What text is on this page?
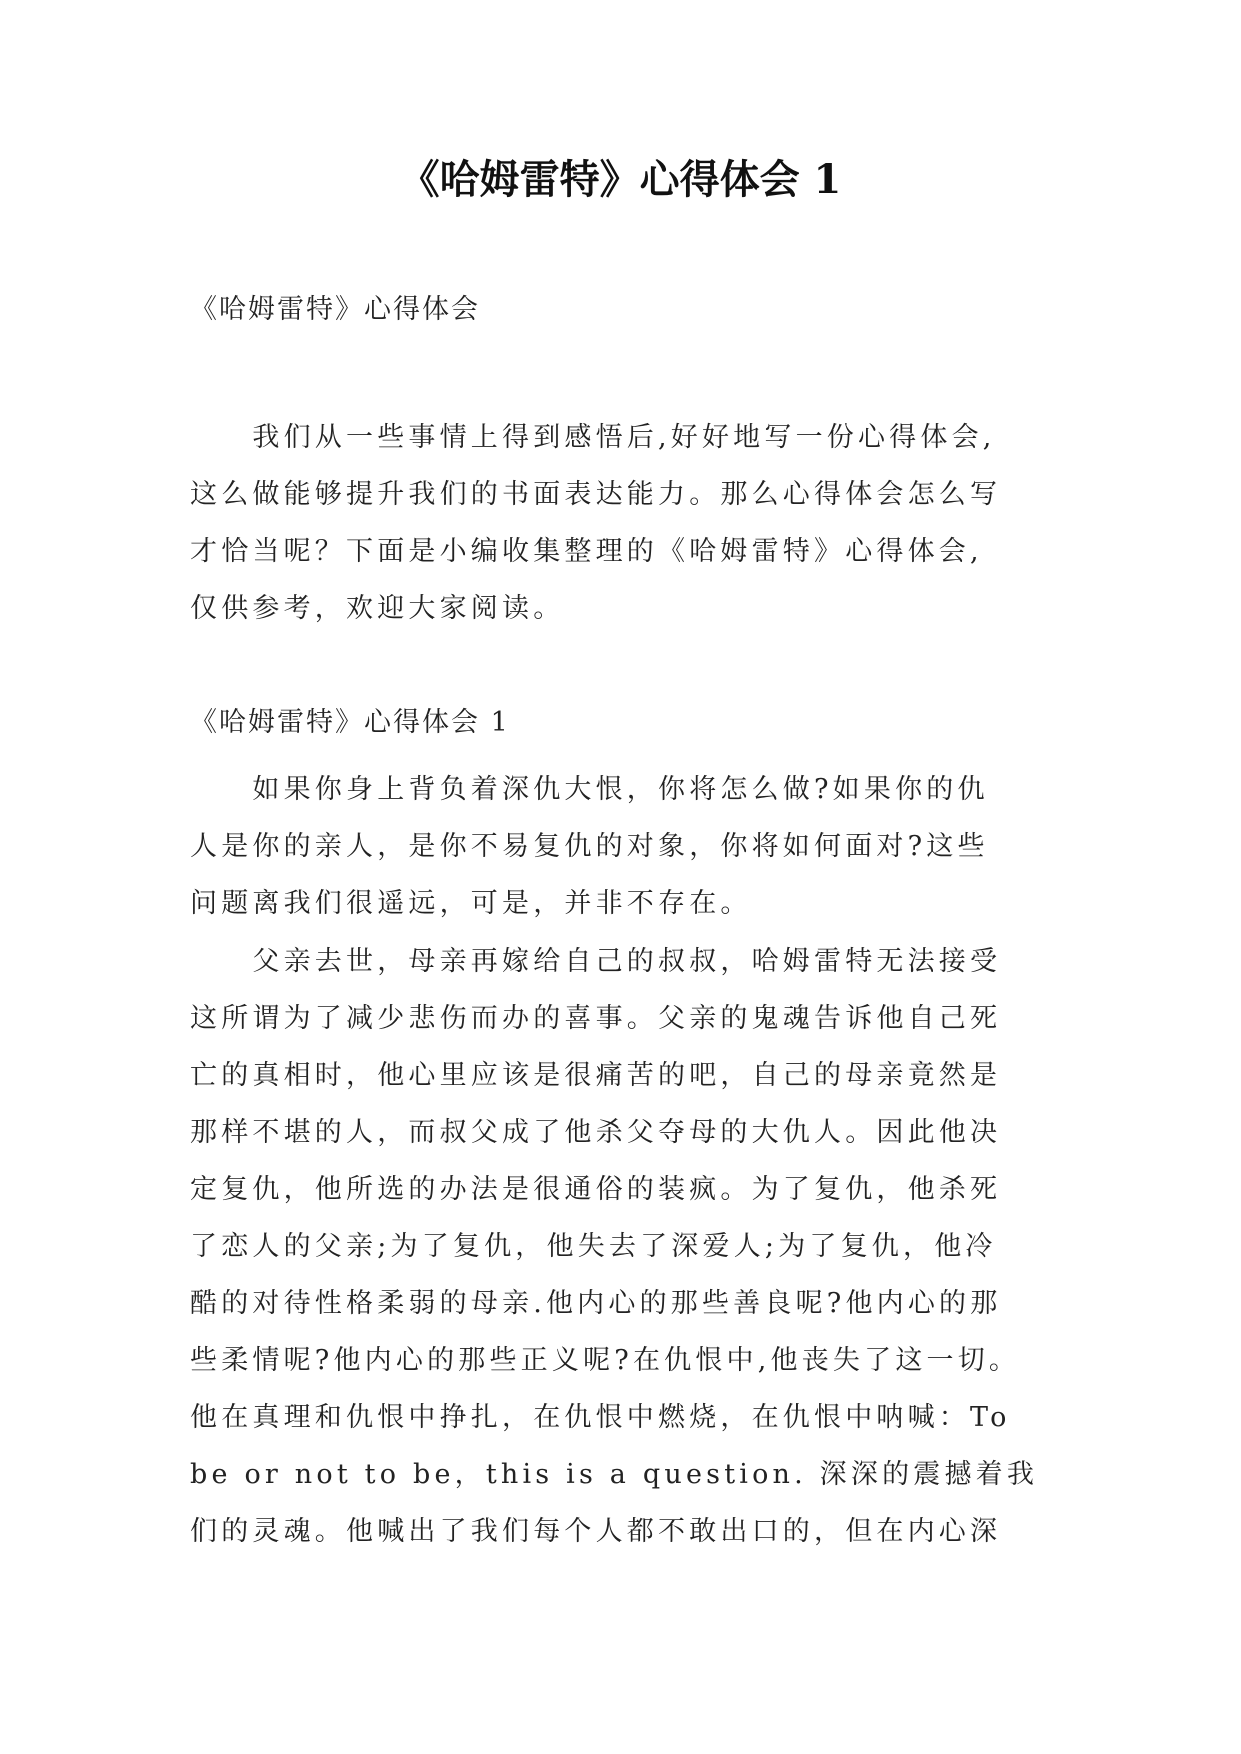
《哈姆雷特》心得体会 1
《哈姆雷特》心得体会
　　我们从一些事情上得到感悟后,好好地写一份心得体会,
这么做能够提升我们的书面表达能力。那么心得体会怎么写
才恰当呢？下面是小编收集整理的《哈姆雷特》心得体会,
仅供参考，欢迎大家阅读。
《哈姆雷特》心得体会 1
　　如果你身上背负着深仇大恨，你将怎么做?如果你的仇
人是你的亲人，是你不易复仇的对象，你将如何面对?这些
问题离我们很遥远，可是，并非不存在。
　　父亲去世，母亲再嫁给自己的叔叔，哈姆雷特无法接受
这所谓为了减少悲伤而办的喜事。父亲的鬼魂告诉他自己死
亡的真相时，他心里应该是很痛苦的吧，自己的母亲竟然是
那样不堪的人，而叔父成了他杀父夺母的大仇人。因此他决
定复仇，他所选的办法是很通俗的装疯。为了复仇，他杀死
了恋人的父亲;为了复仇，他失去了深爱人;为了复仇，他冷
酷的对待性格柔弱的母亲.他内心的那些善良呢?他内心的那
些柔情呢?他内心的那些正义呢?在仇恨中,他丧失了这一切。
他在真理和仇恨中挣扎，在仇恨中燃烧，在仇恨中呐喊：To
be or not to be，this is a question. 深深的震撼着我
们的灵魂。他喊出了我们每个人都不敢出口的，但在内心深
